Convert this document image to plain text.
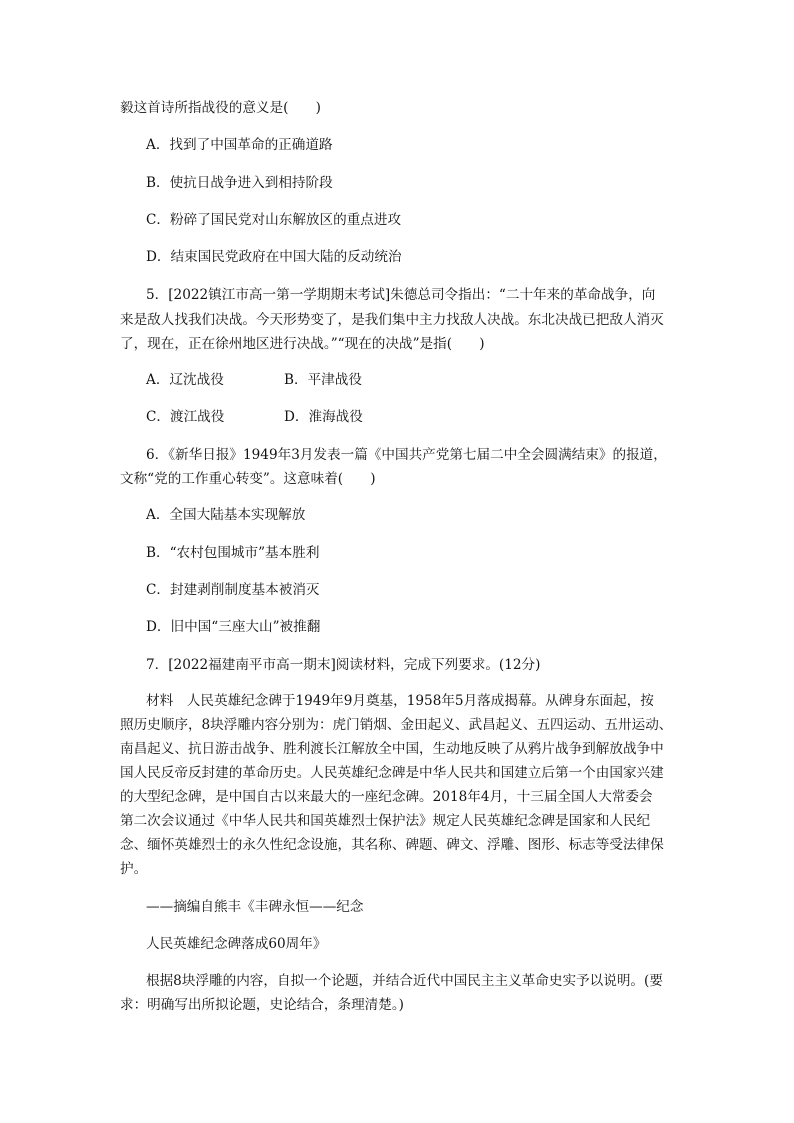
毅这首诗所指战役的意义是(　　)
A．找到了中国革命的正确道路
B．使抗日战争进入到相持阶段
C．粉碎了国民党对山东解放区的重点进攻
D．结束国民党政府在中国大陆的反动统治
5．[2022镇江市高一第一学期期末考试]朱德总司令指出：“二十年来的革命战争，向
来是敌人找我们决战。今天形势变了，是我们集中主力找敌人决战。东北决战已把敌人消灭
了，现在，正在徐州地区进行决战。”“现在的决战”是指(　　)
A．辽沈战役	B．平津战役
C．渡江战役	D．淮海战役
6．《新华日报》1949年3月发表一篇《中国共产党第七届二中全会圆满结束》的报道，
文称“党的工作重心转变”。这意味着(　　)
A．全国大陆基本实现解放
B．“农村包围城市”基本胜利
C．封建剥削制度基本被消灭
D．旧中国“三座大山”被推翻
7．[2022福建南平市高一期末]阅读材料，完成下列要求。(12分)
材料　人民英雄纪念碑于1949年9月奠基，1958年5月落成揭幕。从碑身东面起，按
照历史顺序，8块浮雕内容分别为：虎门销烟、金田起义、武昌起义、五四运动、五卅运动、
南昌起义、抗日游击战争、胜利渡长江解放全中国，生动地反映了从鸦片战争到解放战争中
国人民反帝反封建的革命历史。人民英雄纪念碑是中华人民共和国建立后第一个由国家兴建
的大型纪念碑，是中国自古以来最大的一座纪念碑。2018年4月，十三届全国人大常委会
第二次会议通过《中华人民共和国英雄烈士保护法》规定人民英雄纪念碑是国家和人民纪
念、缅怀英雄烈士的永久性纪念设施，其名称、碑题、碑文、浮雕、图形、标志等受法律保
护。
——摘编自熊丰《丰碑永恒——纪念
人民英雄纪念碑落成60周年》
根据8块浮雕的内容，自拟一个论题，并结合近代中国民主主义革命史实予以说明。(要
求：明确写出所拟论题，史论结合，条理清楚。)
